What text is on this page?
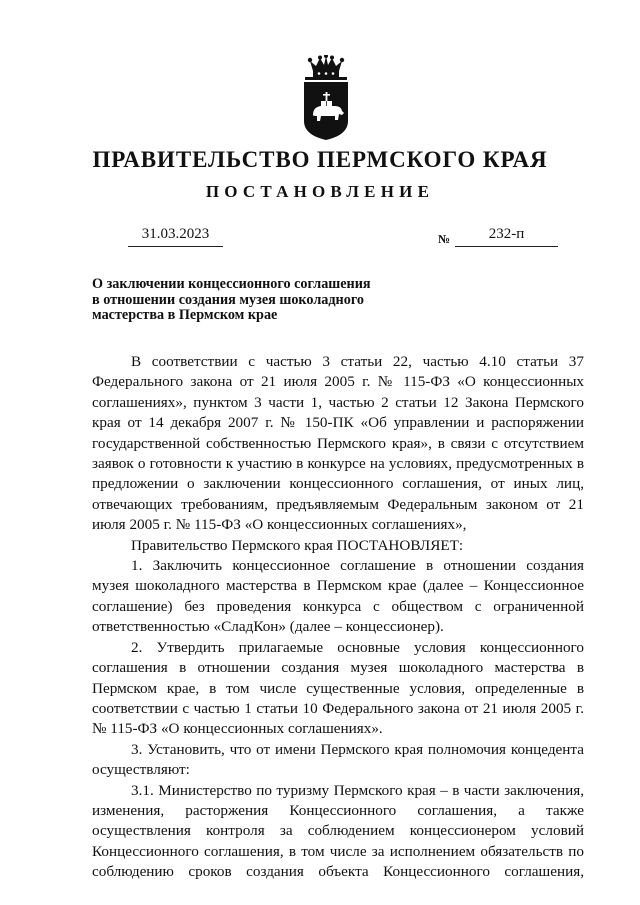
ПРАВИТЕЛЬСТВО ПЕРМСКОГО КРАЯ
ПОСТАНОВЛЕНИЕ
31.03.2023	№	232-п
О заключении концессионного соглашения
в отношении создания музея шоколадного
мастерства в Пермском крае

В соответствии с частью 3 статьи 22, частью 4.10 статьи 37 Федерального закона от 21 июля 2005 г. № 115-ФЗ «О концессионных соглашениях», пунктом 3 части 1, частью 2 статьи 12 Закона Пермского края от 14 декабря 2007 г. № 150-ПК «Об управлении и распоряжении государственной собственностью Пермского края», в связи с отсутствием заявок о готовности к участию в конкурсе на условиях, предусмотренных в предложении о заключении концессионного соглашения, от иных лиц, отвечающих требованиям, предъявляемым Федеральным законом от 21 июля 2005 г. № 115-ФЗ «О концессионных соглашениях»,

Правительство Пермского края ПОСТАНОВЛЯЕТ:

1. Заключить концессионное соглашение в отношении создания музея шоколадного мастерства в Пермском крае (далее – Концессионное соглашение) без проведения конкурса с обществом с ограниченной ответственностью «СладКон» (далее – концессионер).

2. Утвердить прилагаемые основные условия концессионного соглашения в отношении создания музея шоколадного мастерства в Пермском крае, в том числе существенные условия, определенные в соответствии с частью 1 статьи 10 Федерального закона от 21 июля 2005 г. № 115-ФЗ «О концессионных соглашениях».

3. Установить, что от имени Пермского края полномочия концедента осуществляют:

3.1. Министерство по туризму Пермского края – в части заключения, изменения, расторжения Концессионного соглашения, а также осуществления контроля за соблюдением концессионером условий Концессионного соглашения, в том числе за исполнением обязательств по соблюдению сроков создания объекта Концессионного соглашения,
